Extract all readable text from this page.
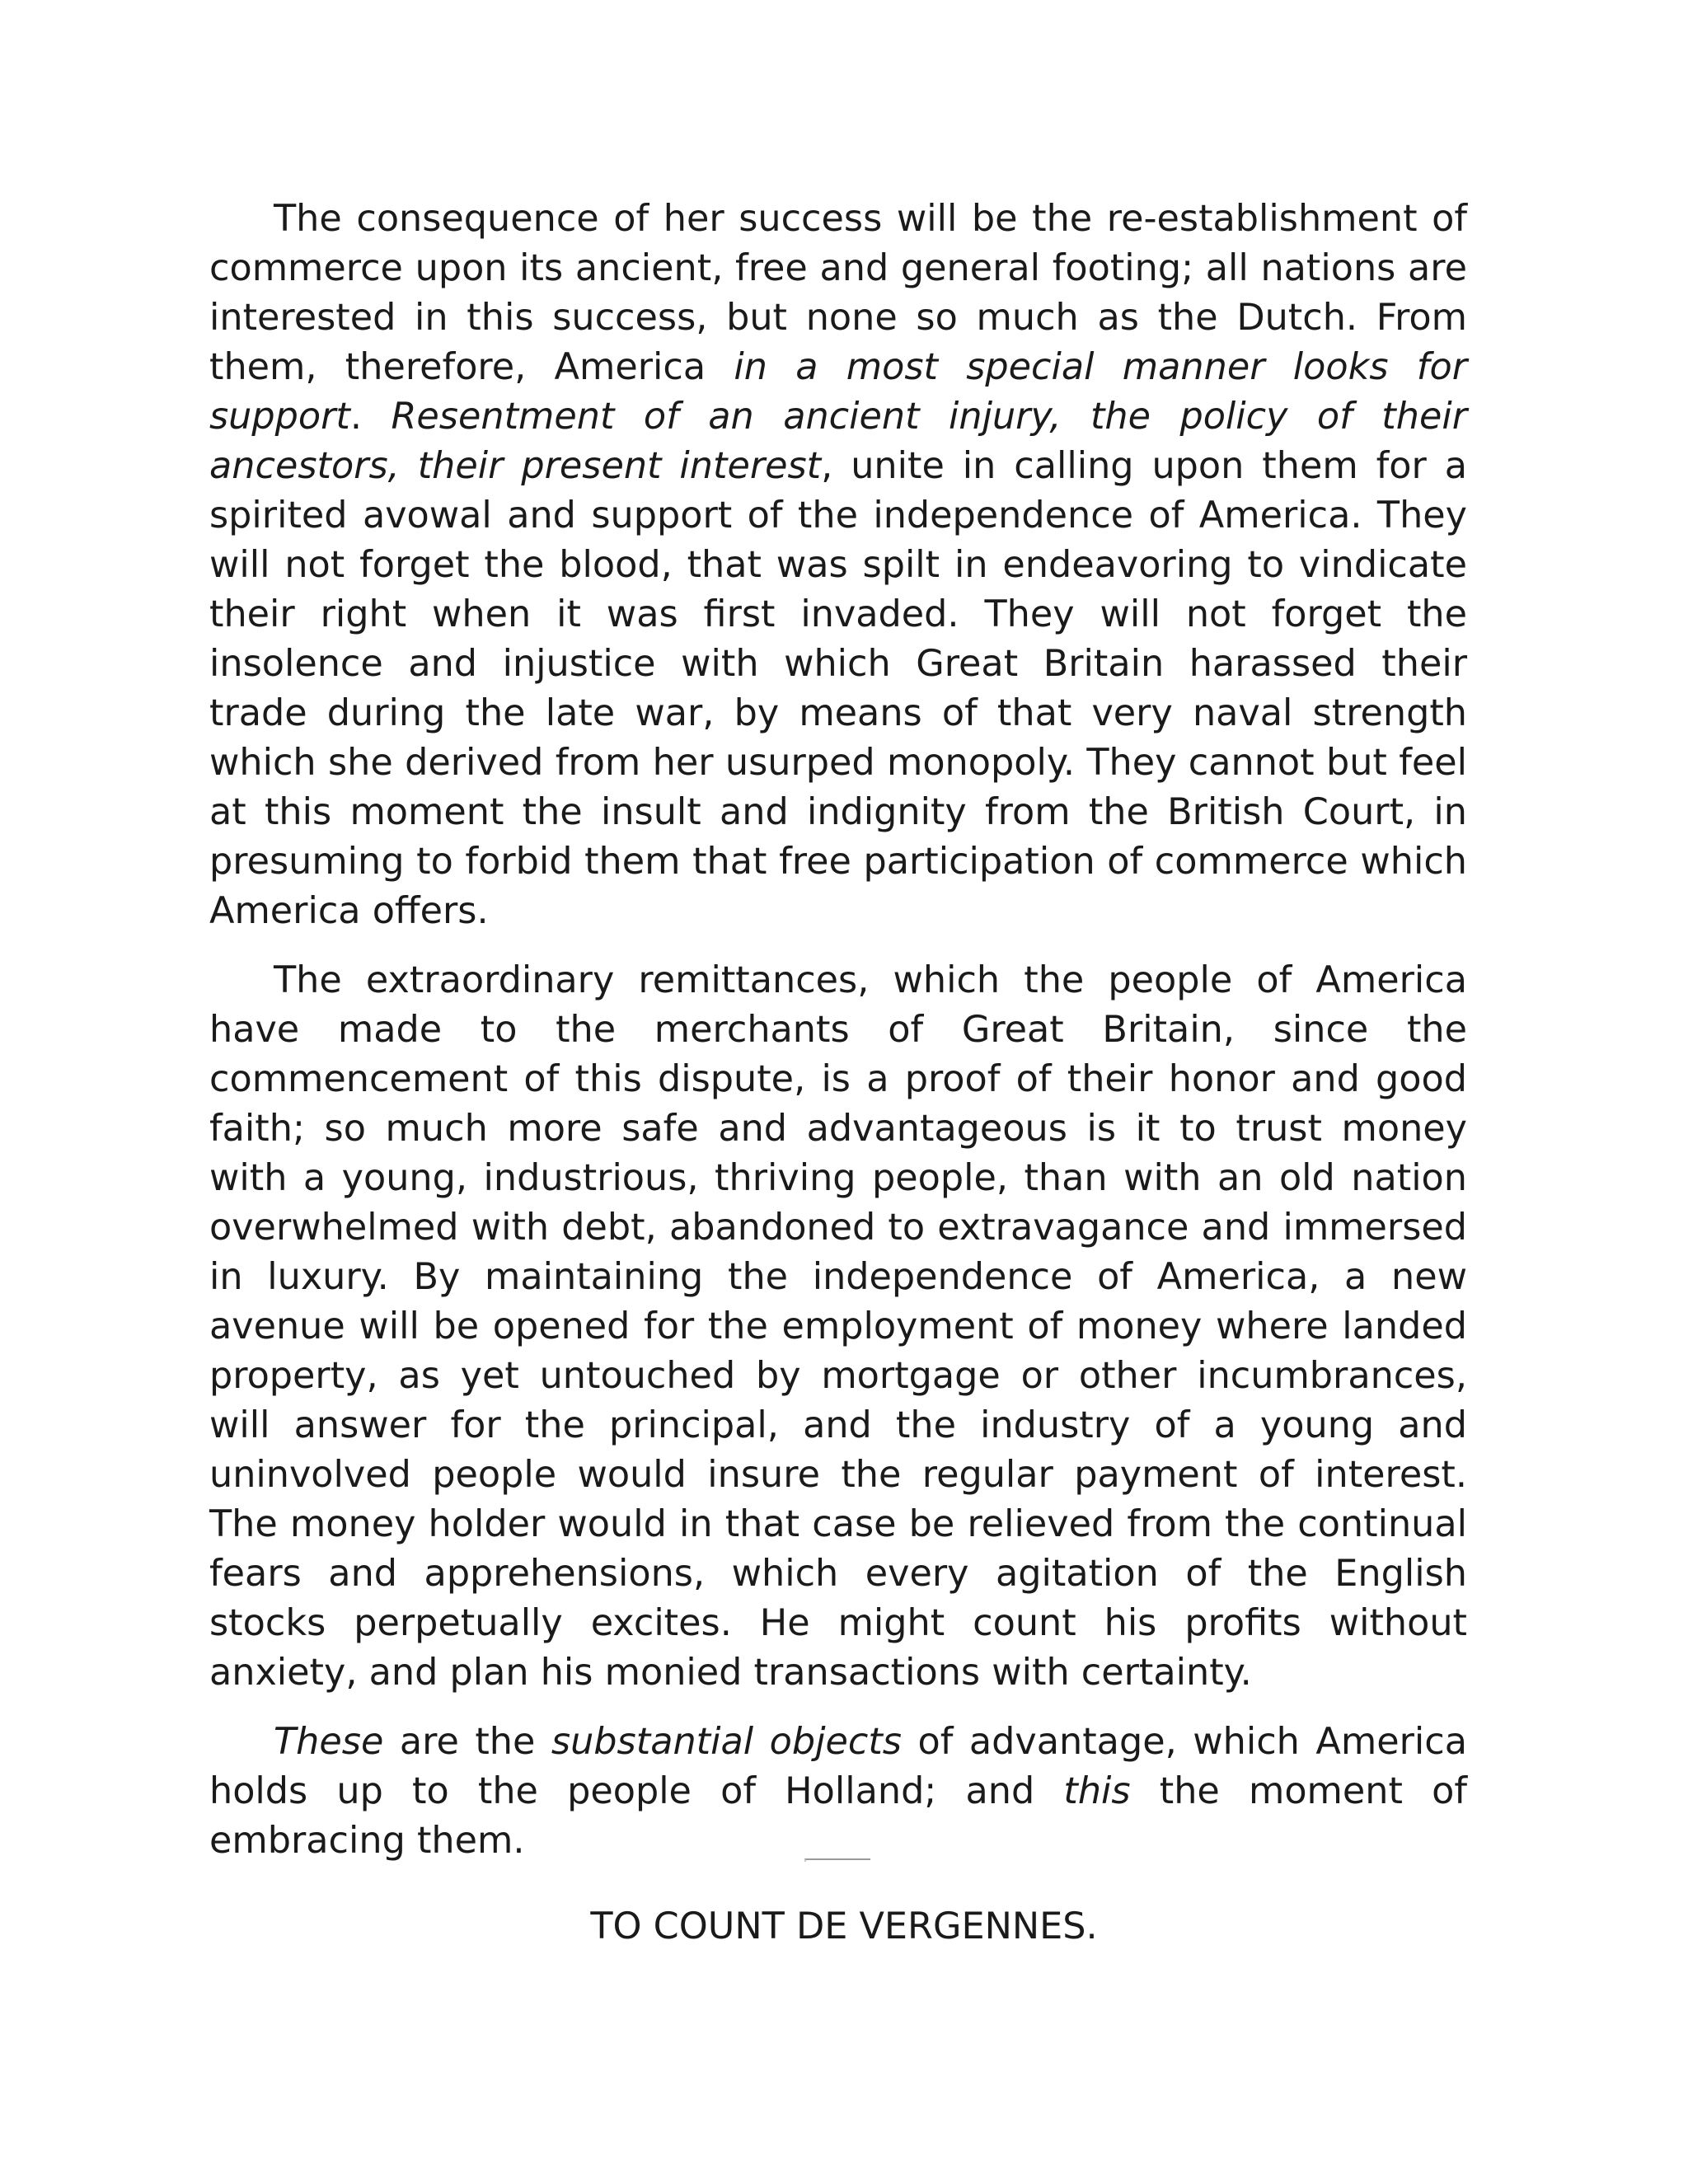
The consequence of her success will be the re-establishment of commerce upon its ancient, free and general footing; all nations are interested in this success, but none so much as the Dutch. From them, therefore, America in a most special manner looks for support. Resentment of an ancient injury, the policy of their ancestors, their present interest, unite in calling upon them for a spirited avowal and support of the independence of America. They will not forget the blood, that was spilt in endeavoring to vindicate their right when it was first invaded. They will not forget the insolence and injustice with which Great Britain harassed their trade during the late war, by means of that very naval strength which she derived from her usurped monopoly. They cannot but feel at this moment the insult and indignity from the British Court, in presuming to forbid them that free participation of commerce which America offers.

The extraordinary remittances, which the people of America have made to the merchants of Great Britain, since the commencement of this dispute, is a proof of their honor and good faith; so much more safe and advantageous is it to trust money with a young, industrious, thriving people, than with an old nation overwhelmed with debt, abandoned to extravagance and immersed in luxury. By maintaining the independence of America, a new avenue will be opened for the employment of money where landed property, as yet untouched by mortgage or other incumbrances, will answer for the principal, and the industry of a young and uninvolved people would insure the regular payment of interest. The money holder would in that case be relieved from the continual fears and apprehensions, which every agitation of the English stocks perpetually excites. He might count his profits without anxiety, and plan his monied transactions with certainty.

These are the substantial objects of advantage, which America holds up to the people of Holland; and this the moment of embracing them.

TO COUNT DE VERGENNES.
